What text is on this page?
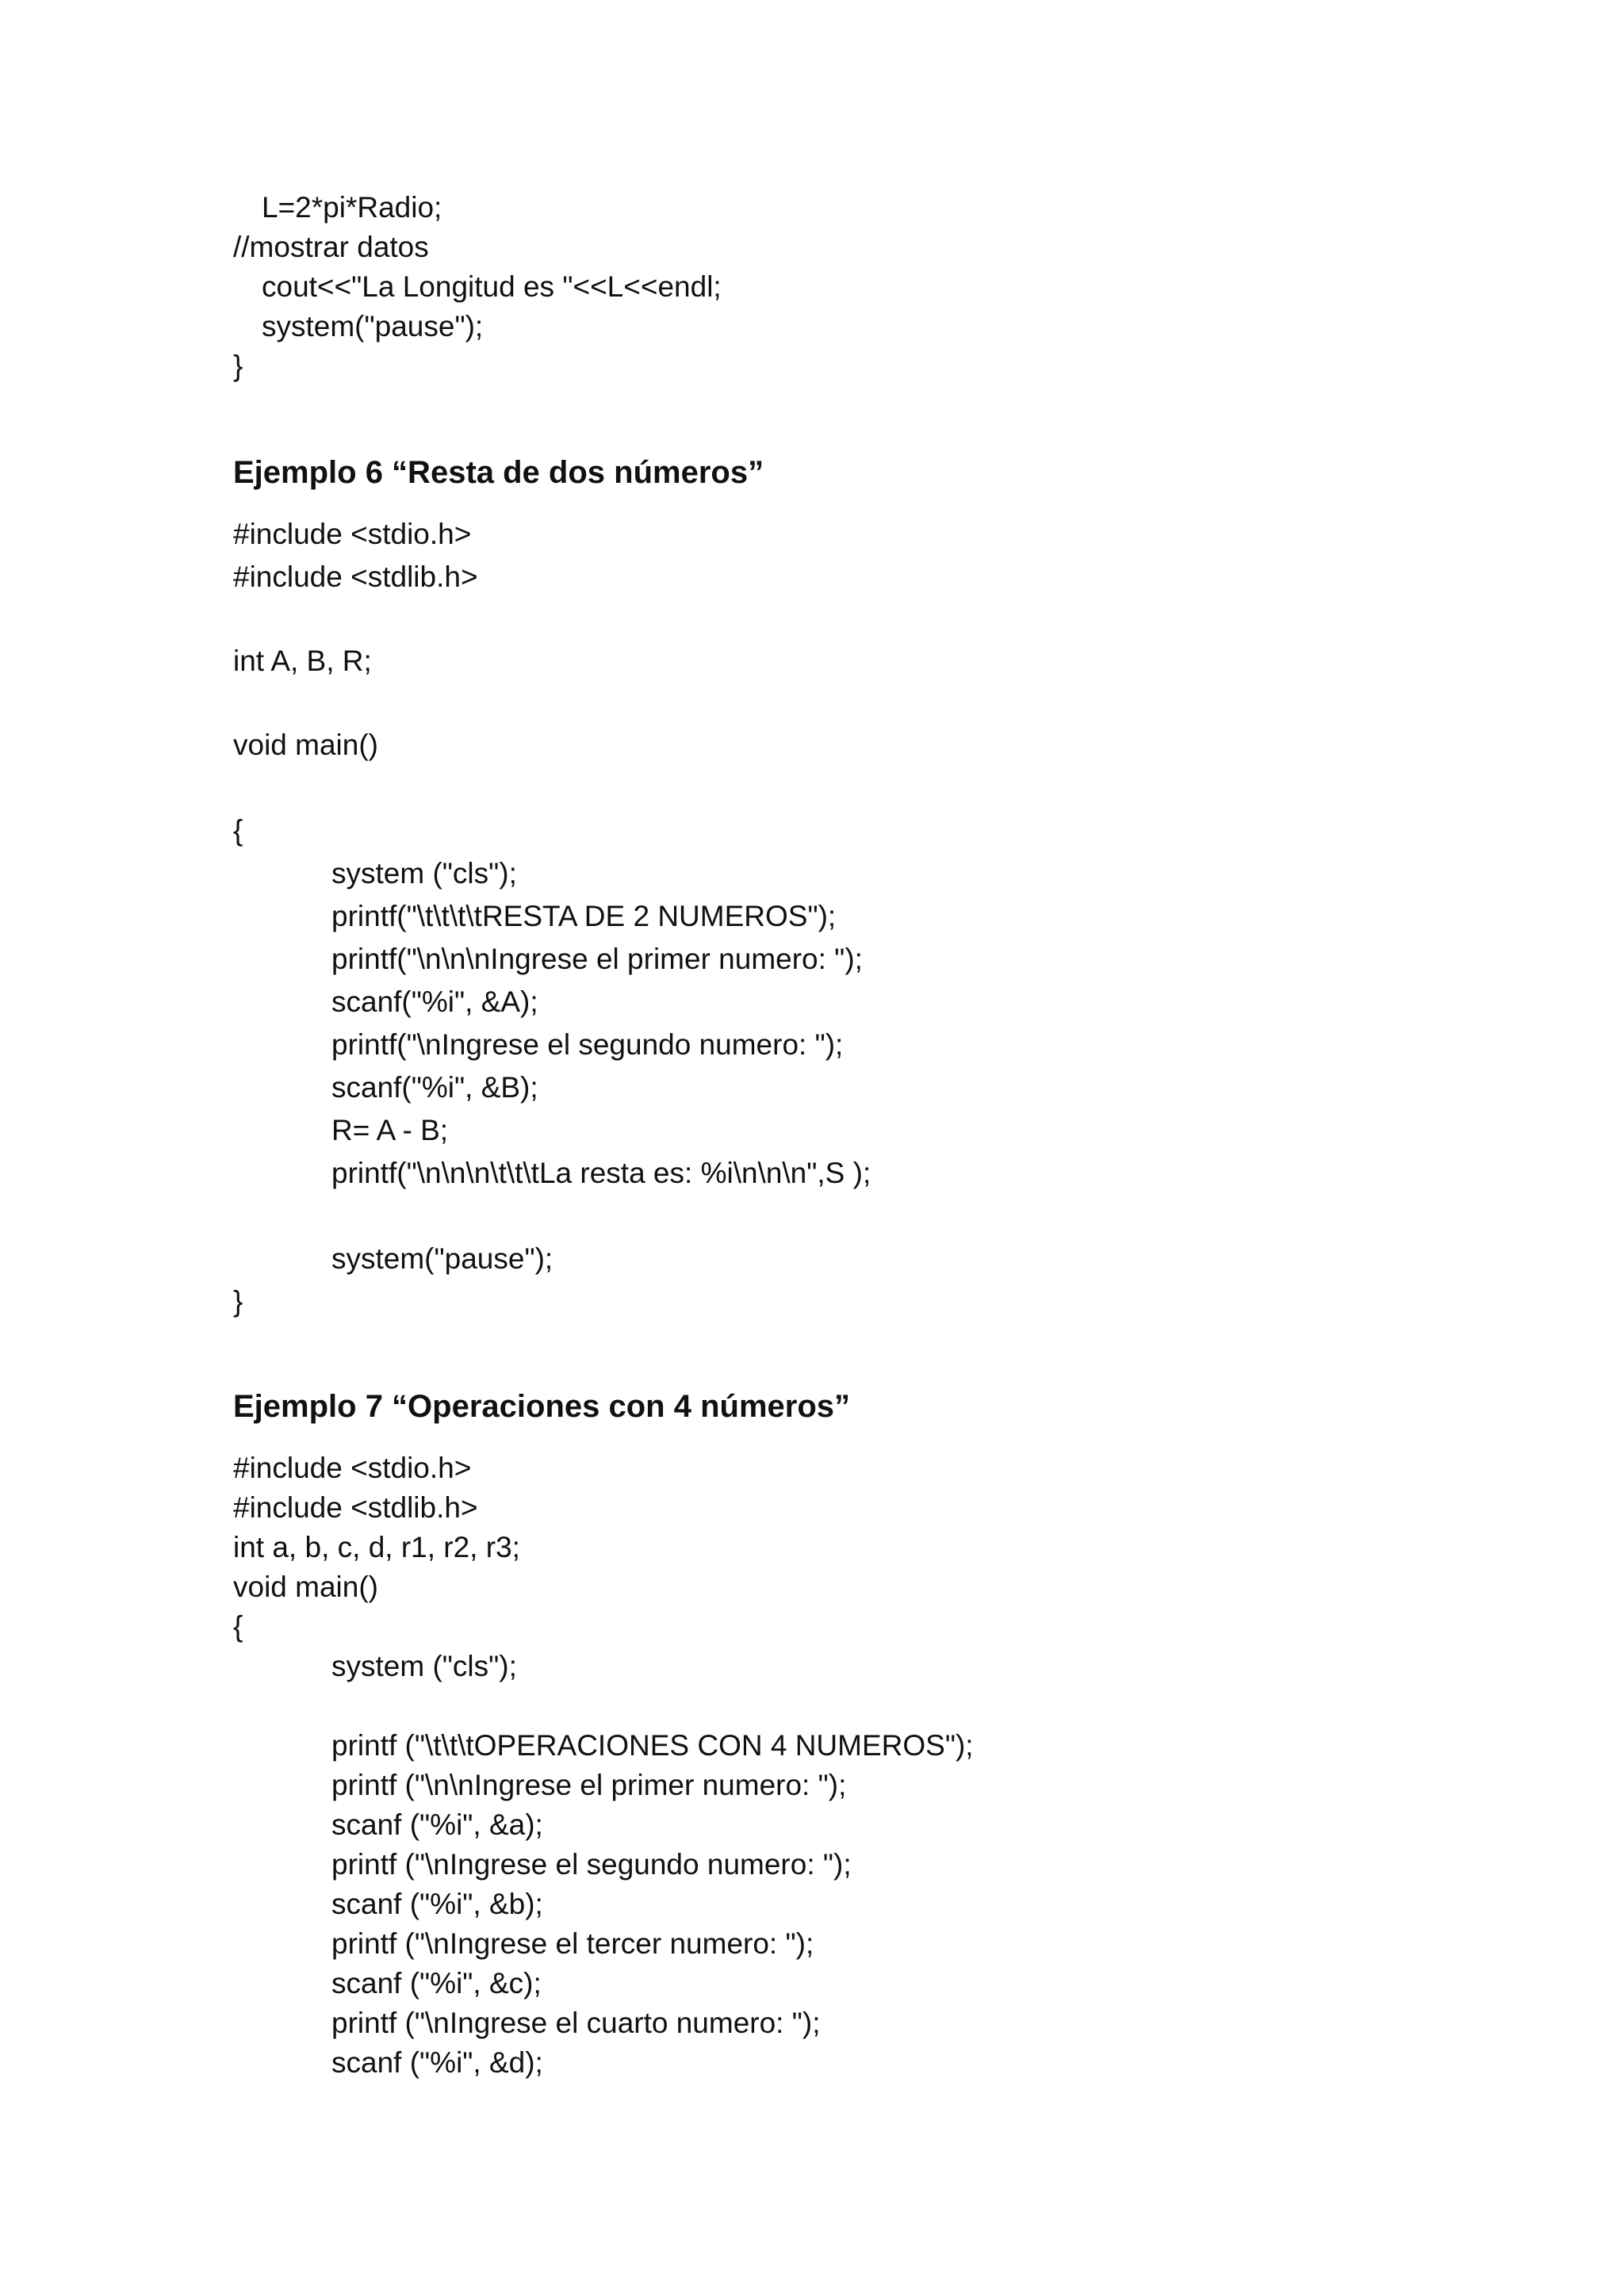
L=2*pi*Radio;
//mostrar datos
cout<<"La Longitud es "<<L<<endl;
system("pause");
}
Ejemplo 6 “Resta de dos números”
#include <stdio.h>
#include <stdlib.h>
int A, B, R;
void main()
{
system ("cls");
printf("\t\t\t\tRESTA DE 2 NUMEROS");
printf("\n\n\nIngrese el primer numero: ");
scanf("%i", &A);
printf("\nIngrese el segundo numero: ");
scanf("%i", &B);
R= A - B;
printf("\n\n\n\t\t\tLa resta es: %i\n\n\n",S );
system("pause");
}
Ejemplo 7 “Operaciones con 4 números”
#include <stdio.h>
#include <stdlib.h>
int a, b, c, d, r1, r2, r3;
void main()
{
system ("cls");
printf ("\t\t\tOPERACIONES CON 4 NUMEROS");
printf ("\n\nIngrese el primer numero: ");
scanf ("%i", &a);
printf ("\nIngrese el segundo numero: ");
scanf ("%i", &b);
printf ("\nIngrese el tercer numero: ");
scanf ("%i", &c);
printf ("\nIngrese el cuarto numero: ");
scanf ("%i", &d);
